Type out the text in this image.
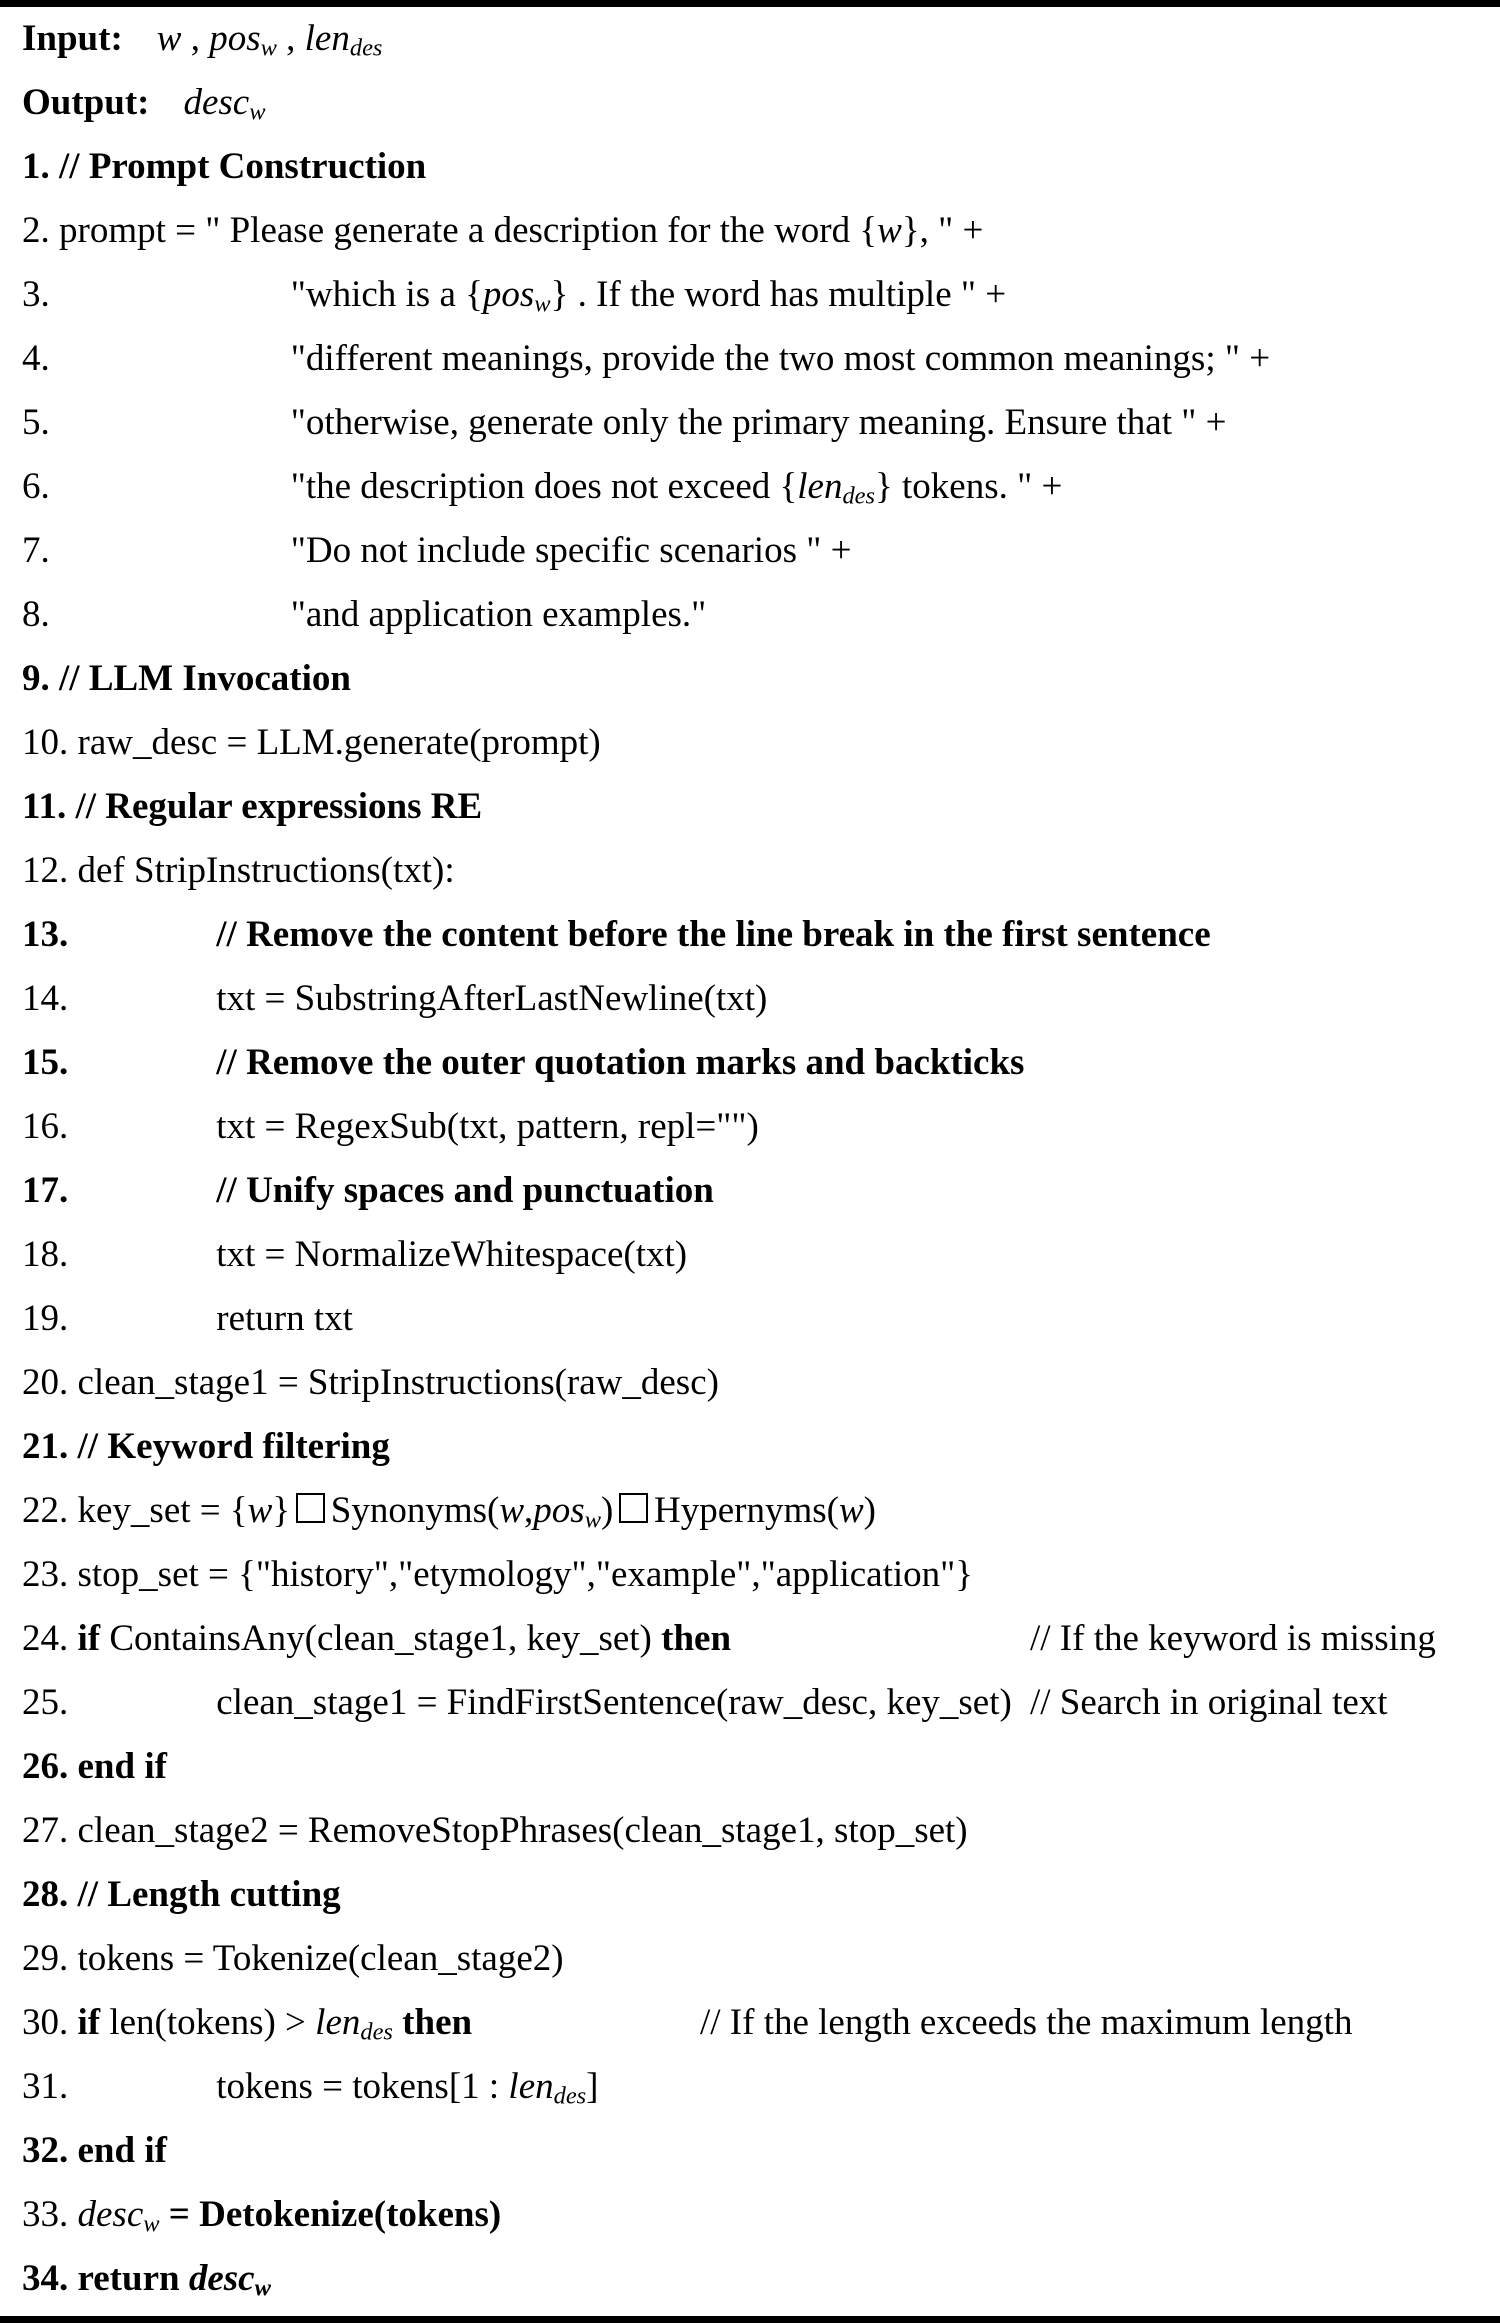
Input: w , pos$_w$ , len$_{des}$
Output: desc$_w$
1. // Prompt Construction
2. prompt = " Please generate a description for the word {w}, " +
3.	"which is a {pos$_w$} . If the word has multiple " +
4.	"different meanings, provide the two most common meanings; " +
5.	"otherwise, generate only the primary meaning. Ensure that " +
6.	"the description does not exceed {len$_{des}$} tokens. " +
7.	"Do not include specific scenarios " +
8.	"and application examples."
9. // LLM Invocation
10. raw_desc = LLM.generate(prompt)
11. // Regular expressions RE
12. def StripInstructions(txt):
13.	// Remove the content before the line break in the first sentence
14.	txt = SubstringAfterLastNewline(txt)
15.	// Remove the outer quotation marks and backticks
16.	txt = RegexSub(txt, pattern, repl="")
17.	// Unify spaces and punctuation
18.	txt = NormalizeWhitespace(txt)
19.	return txt
20. clean_stage1 = StripInstructions(raw_desc)
21. // Keyword filtering
22. key_set = {w} Synonyms(w,pos$_w$) Hypernyms(w)
23. stop_set = {"history","etymology","example","application"}
24. if ContainsAny(clean_stage1, key_set) then	// If the keyword is missing
25.	clean_stage1 = FindFirstSentence(raw_desc, key_set) // Search in original text
26. end if
27. clean_stage2 = RemoveStopPhrases(clean_stage1, stop_set)
28. // Length cutting
29. tokens = Tokenize(clean_stage2)
30. if len(tokens) > len$_{des}$ then	// If the length exceeds the maximum length
31.	tokens = tokens[1 : len$_{des}$]
32. end if
33. desc$_w$ = Detokenize(tokens)
34. return desc$_w$
